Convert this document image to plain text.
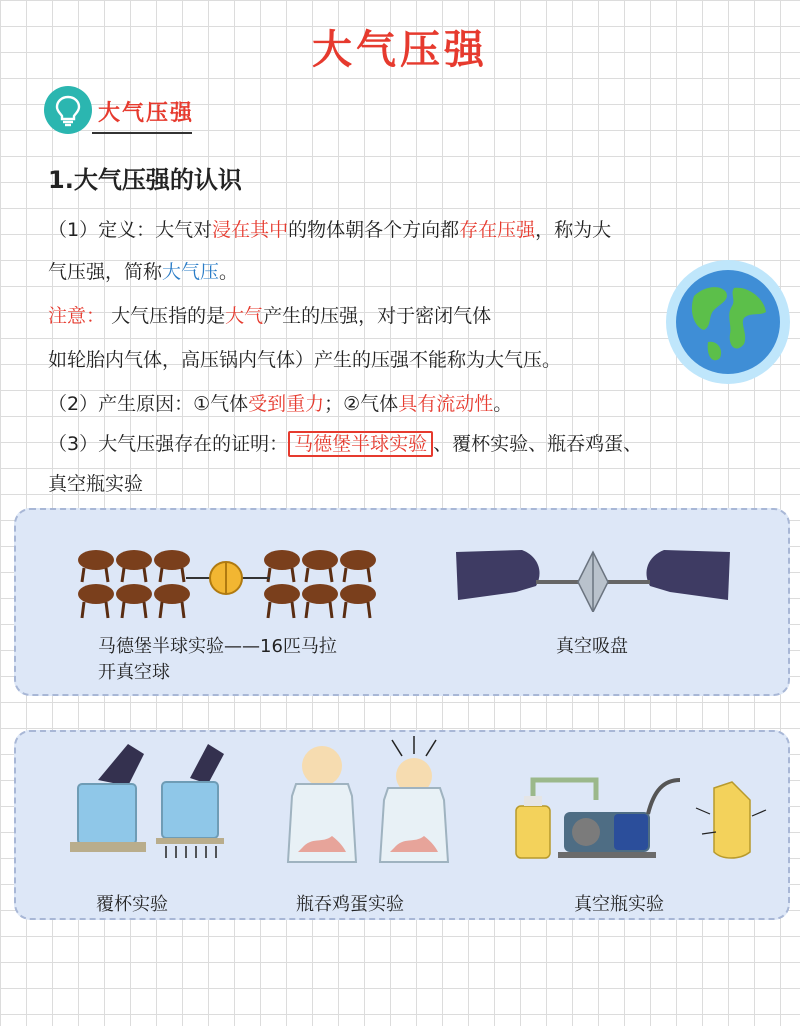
大气压强
大气压强
1.大气压强的认识
（1）定义：大气对浸在其中的物体朝各个方向都存在压强，称为大
气压强，简称大气压。
注意： 大气压指的是大气产生的压强，对于密闭气体
如轮胎内气体，高压锅内气体）产生的压强不能称为大气压。
（2）产生原因：①气体受到重力；②气体具有流动性。
（3）大气压强存在的证明： 马德堡半球实验 、覆杯实验、瓶吞鸡蛋、
真空瓶实验
马德堡半球实验——16匹马拉
开真空球
真空吸盘
覆杯实验	瓶吞鸡蛋实验	真空瓶实验
